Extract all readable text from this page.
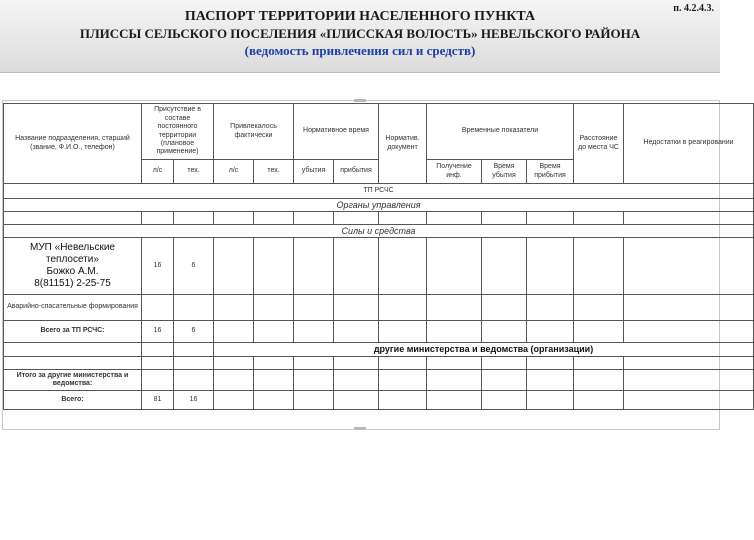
ПАСПОРТ ТЕРРИТОРИИ НАСЕЛЕННОГО ПУНКТА
ПЛИССЫ СЕЛЬСКОГО ПОСЕЛЕНИЯ «ПЛИССКАЯ ВОЛОСТЬ» НЕВЕЛЬСКОГО РАЙОНА
(ведомость привлечения сил и средств)
п. 4.2.4.3.
Название подразделения, старший (звание, Ф.И.О., телефон)	Присутствие в составе постоянного территории (плановое применение)		Привлекалось фактически		Нормативное время		Норматив. документ	Временные показатели			Расстояние до места ЧС	Недостатки в реагировании
	л/с	тех.	л/с	тех.	убытия	прибытия		Получение инф.	Время убытия	Время прибытия		
ТП РСЧС												
Органы управления												

Силы и средства												

МУП «Невельские
теплосети»
Божко А.М.
8(81151) 2-25-75	16	6										
Аварийно-спасательные формирования												
Всего за ТП РСЧС:	16	6										
			другие министерства и ведомства (организации)									

Итого за другие министерства и ведомства:												
Всего:	81	16										
